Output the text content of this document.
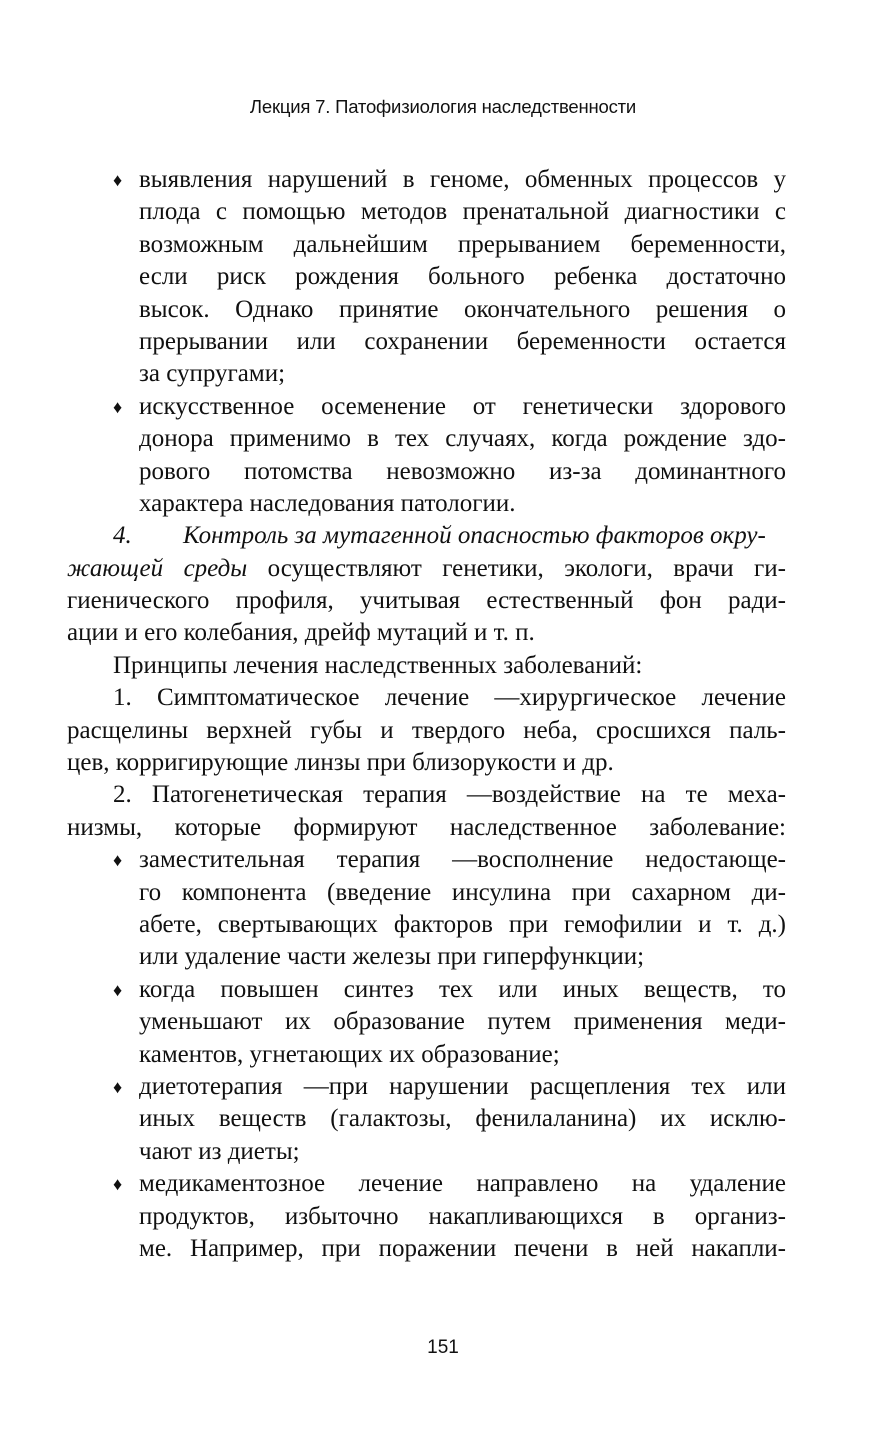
Лекция 7. Патофизиология наследственности
♦ выявления нарушений в геноме, обменных процессов у
плода с помощью методов пренатальной диагностики с
возможным дальнейшим прерыванием беременности,
если риск рождения больного ребенка достаточно
высок. Однако принятие окончательного решения о
прерывании или сохранении беременности остается
за супругами;
♦ искусственное осеменение от генетически здорового
донора применимо в тех случаях, когда рождение здо-
рового потомства невозможно из-за доминантного
характера наследования патологии.
4. Контроль за мутагенной опасностью факторов окру-
жающей среды осуществляют генетики, экологи, врачи ги-
гиенического профиля, учитывая естественный фон ради-
ации и его колебания, дрейф мутаций и т. п.
Принципы лечения наследственных заболеваний:
1. Симптоматическое лечение —хирургическое лечение
расщелины верхней губы и твердого неба, сросшихся паль-
цев, корригирующие линзы при близорукости и др.
2. Патогенетическая терапия —воздействие на те меха-
низмы, которые формируют наследственное заболевание:
♦ заместительная терапия —восполнение недостающе-
го компонента (введение инсулина при сахарном ди-
абете, свертывающих факторов при гемофилии и т. д.)
или удаление части железы при гиперфункции;
♦ когда повышен синтез тех или иных веществ, то
уменьшают их образование путем применения меди-
каментов, угнетающих их образование;
♦ диетотерапия —при нарушении расщепления тех или
иных веществ (галактозы, фенилаланина) их исклю-
чают из диеты;
♦ медикаментозное лечение направлено на удаление
продуктов, избыточно накапливающихся в организ-
ме. Например, при поражении печени в ней накапли-
151
